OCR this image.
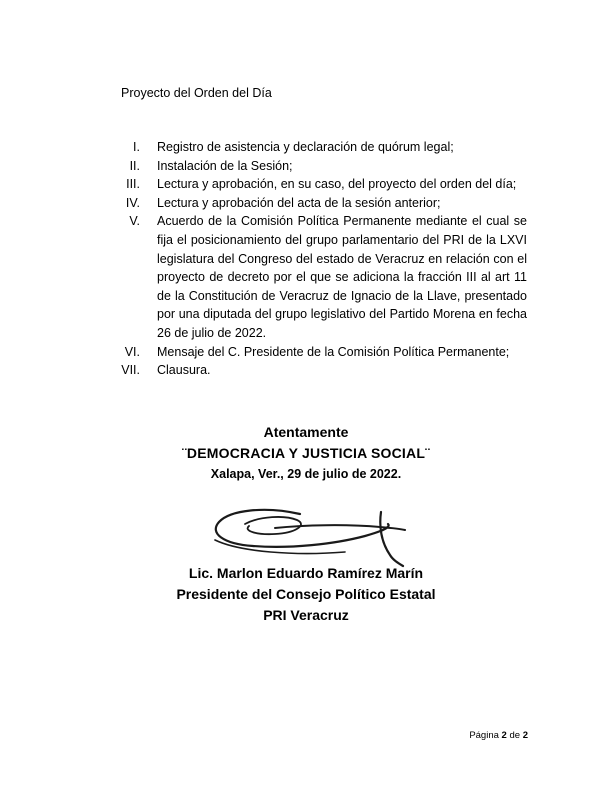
Proyecto del Orden del Día
I. Registro de asistencia y declaración de quórum legal;
II. Instalación de la Sesión;
III. Lectura y aprobación, en su caso, del proyecto del orden del día;
IV. Lectura y aprobación del acta de la sesión anterior;
V. Acuerdo de la Comisión Política Permanente mediante el cual se fija el posicionamiento del grupo parlamentario del PRI de la LXVI legislatura del Congreso del estado de Veracruz en relación con el proyecto de decreto por el que se adiciona la fracción III al art 11 de la Constitución de Veracruz de Ignacio de la Llave, presentado por una diputada del grupo legislativo del Partido Morena en fecha 26 de julio de 2022.
VI. Mensaje del C. Presidente de la Comisión Política Permanente;
VII. Clausura.
Atentamente
¨DEMOCRACIA Y JUSTICIA SOCIAL¨
Xalapa, Ver., 29 de julio de 2022.
Lic. Marlon Eduardo Ramírez Marín
Presidente del Consejo Político Estatal
PRI Veracruz
Página 2 de 2
